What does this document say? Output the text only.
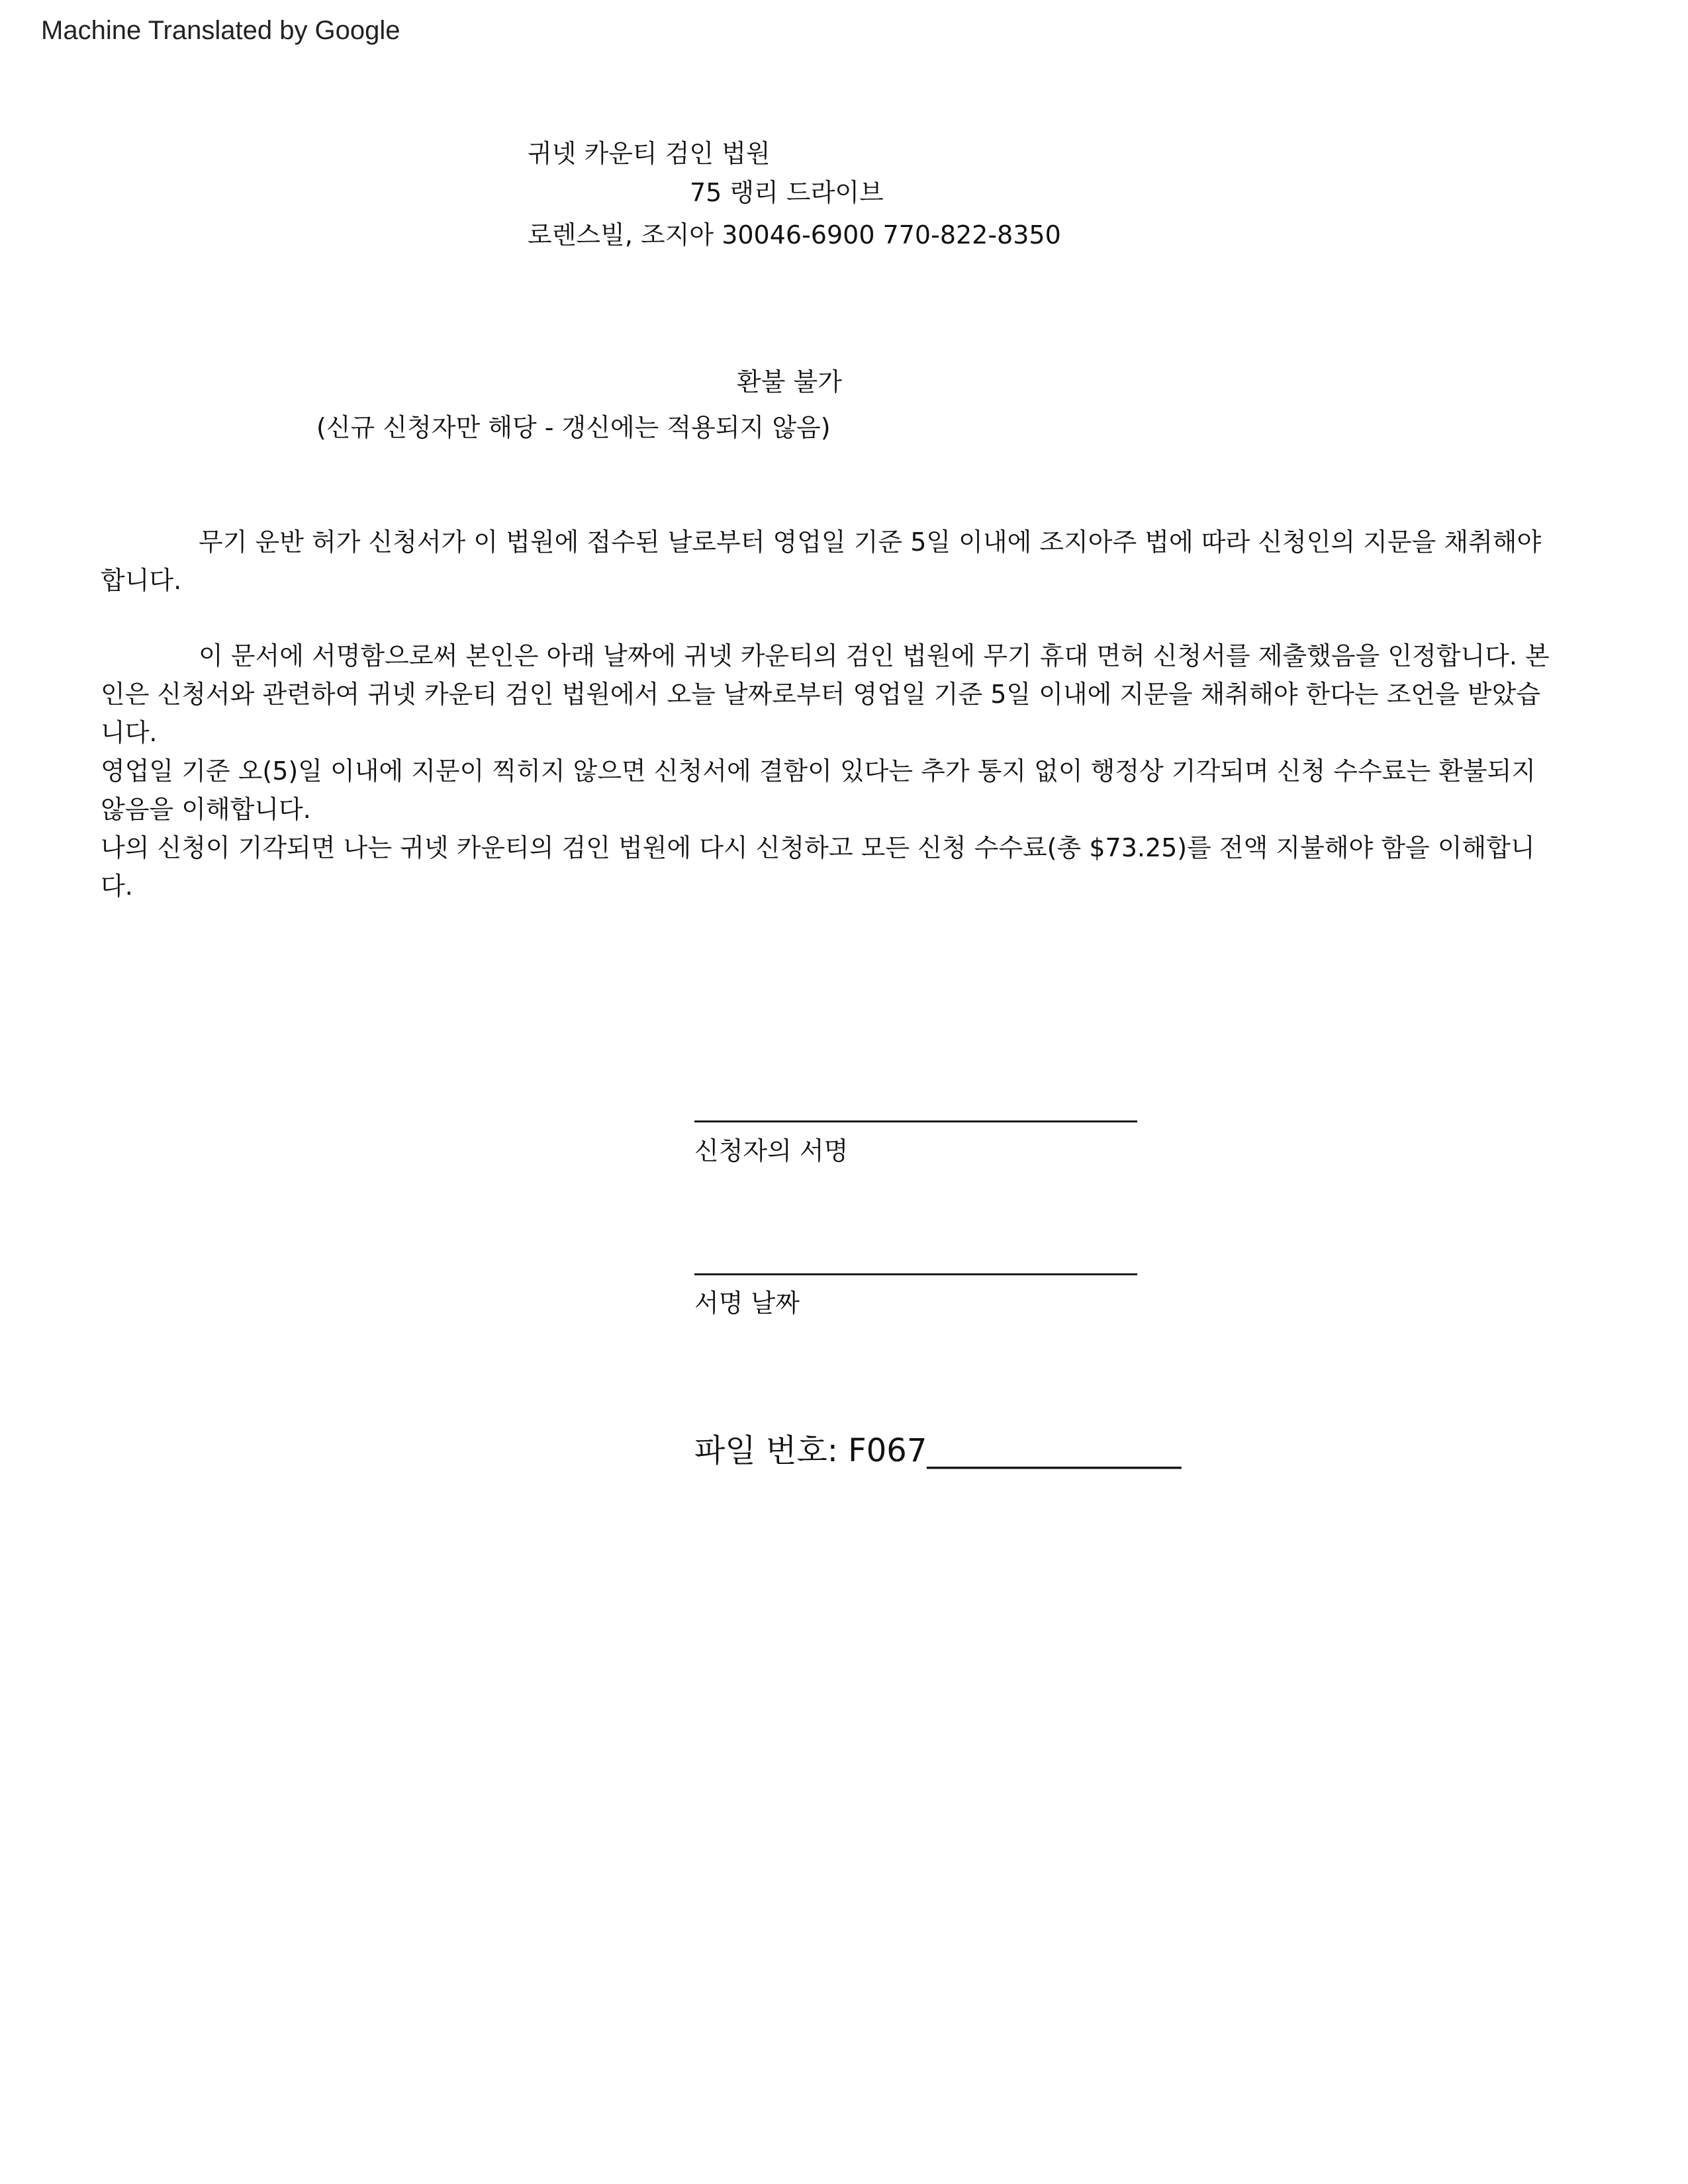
Machine Translated by Google
귀넷 카운티 검인 법원
75 랭리 드라이브
로렌스빌, 조지아 30046-6900 770-822-8350
환불 불가
(신규 신청자만 해당 - 갱신에는 적용되지 않음)
무기 운반 허가 신청서가 이 법원에 접수된 날로부터 영업일 기준 5일 이내에 조지아주 법에 따라 신청인의 지문을 채취해야 합니다.
이 문서에 서명함으로써 본인은 아래 날짜에 귀넷 카운티의 검인 법원에 무기 휴대 면허 신청서를 제출했음을 인정합니다. 본인은 신청서와 관련하여 귀넷 카운티 검인 법원에서 오늘 날짜로부터 영업일 기준 5일 이내에 지문을 채취해야 한다는 조언을 받았습니다.
영업일 기준 오(5)일 이내에 지문이 찍히지 않으면 신청서에 결함이 있다는 추가 통지 없이 행정상 기각되며 신청 수수료는 환불되지 않음을 이해합니다.
나의 신청이 기각되면 나는 귀넷 카운티의 검인 법원에 다시 신청하고 모든 신청 수수료(총 $73.25)를 전액 지불해야 함을 이해합니다.
신청자의 서명
서명 날짜
파일 번호: F067________________
